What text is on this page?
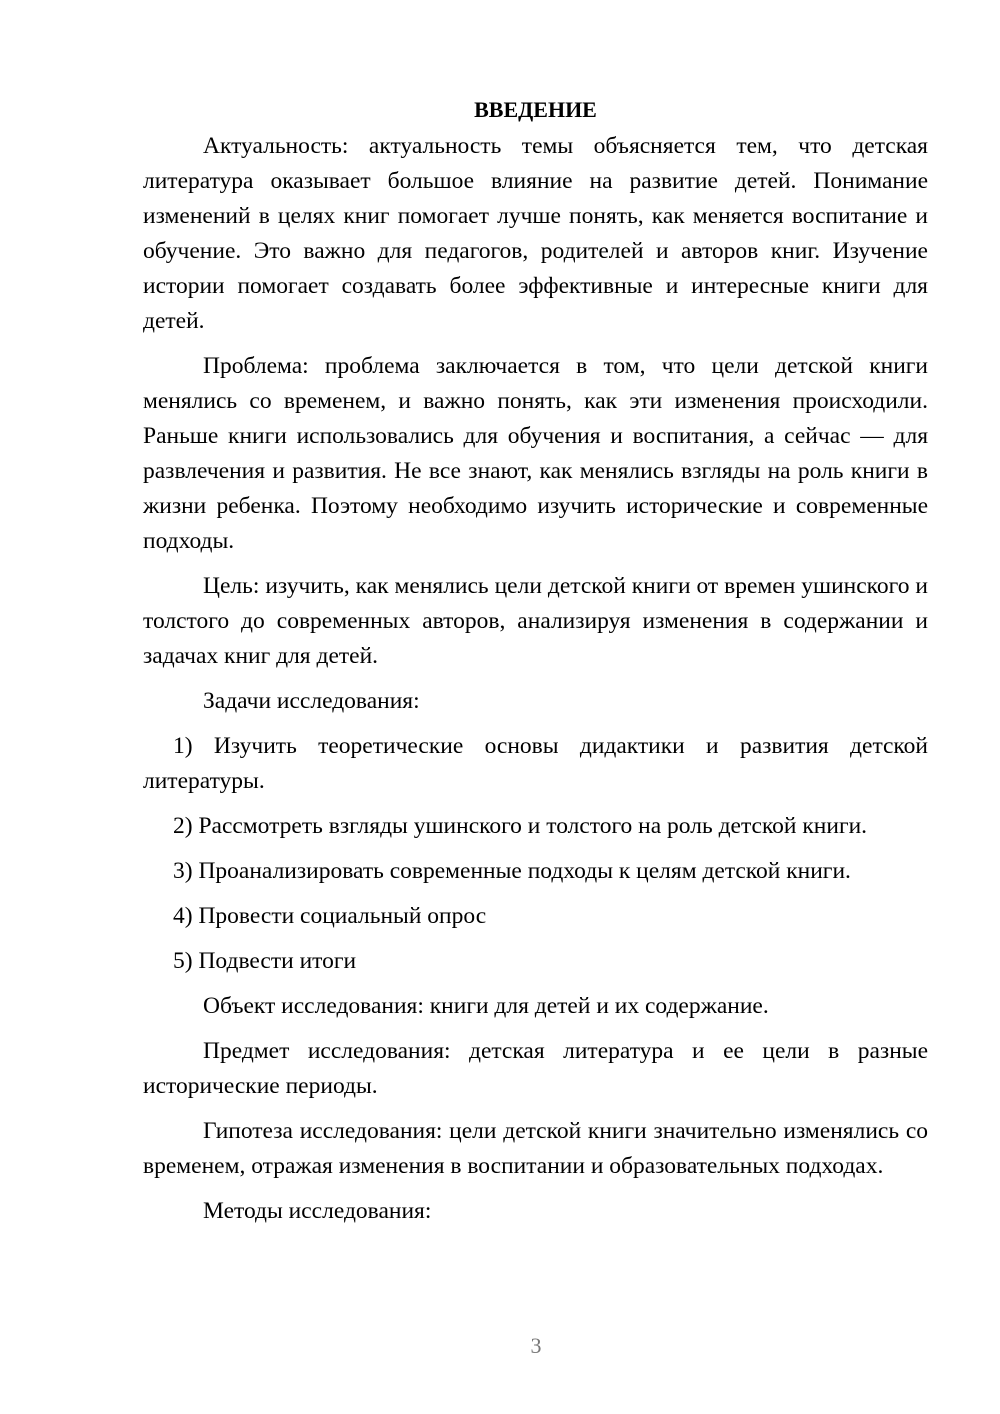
ВВЕДЕНИЕ

Актуальность: актуальность темы объясняется тем, что детская литература оказывает большое влияние на развитие детей. Понимание изменений в целях книг помогает лучше понять, как меняется воспитание и обучение. Это важно для педагогов, родителей и авторов книг. Изучение истории помогает создавать более эффективные и интересные книги для детей.

Проблема: проблема заключается в том, что цели детской книги менялись со временем, и важно понять, как эти изменения происходили. Раньше книги использовались для обучения и воспитания, а сейчас — для развлечения и развития. Не все знают, как менялись взгляды на роль книги в жизни ребенка. Поэтому необходимо изучить исторические и современные подходы.

Цель: изучить, как менялись цели детской книги от времен ушинского и толстого до современных авторов, анализируя изменения в содержании и задачах книг для детей.

Задачи исследования:

1) Изучить теоретические основы дидактики и развития детской литературы.

2) Рассмотреть взгляды ушинского и толстого на роль детской книги.

3) Проанализировать современные подходы к целям детской книги.

4) Провести социальный опрос

5) Подвести итоги

Объект исследования: книги для детей и их содержание.

Предмет исследования: детская литература и ее цели в разные исторические периоды.

Гипотеза исследования: цели детской книги значительно изменялись со временем, отражая изменения в воспитании и образовательных подходах.

Методы исследования:

3
